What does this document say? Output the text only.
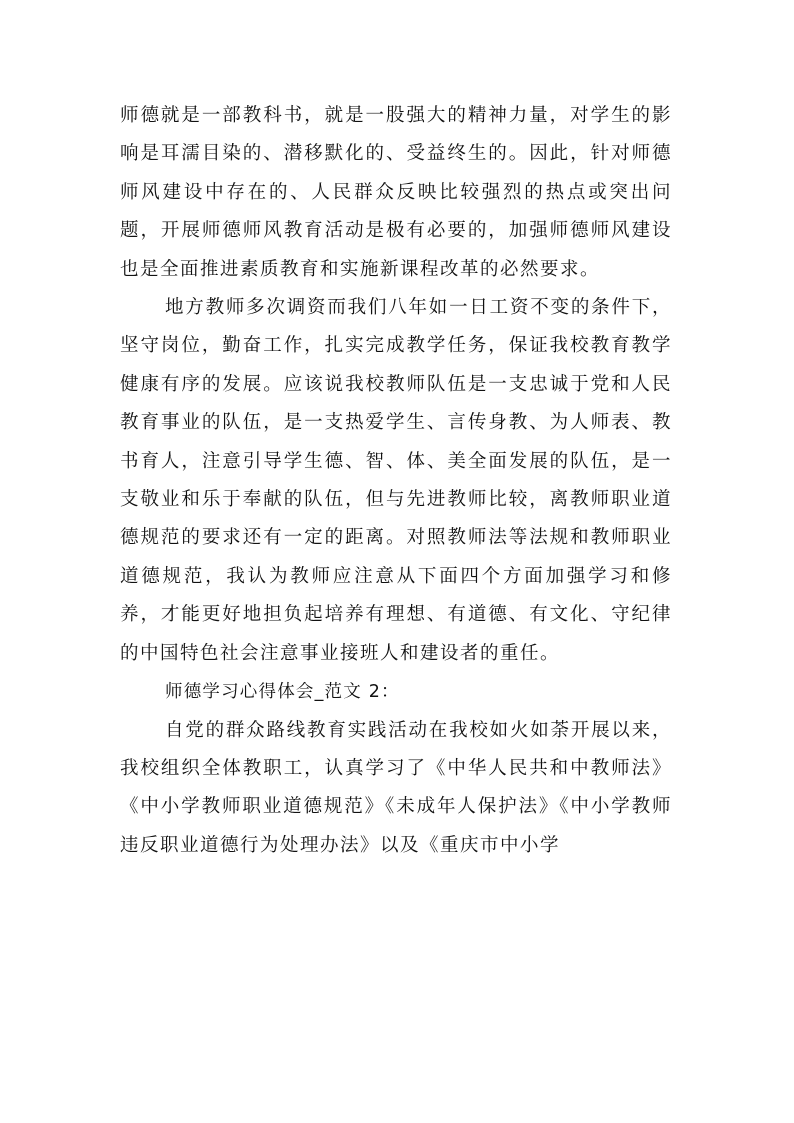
师德就是一部教科书，就是一股强大的精神力量，对学生的影响是耳濡目染的、潜移默化的、受益终生的。因此，针对师德师风建设中存在的、人民群众反映比较强烈的热点或突出问题，开展师德师风教育活动是极有必要的，加强师德师风建设也是全面推进素质教育和实施新课程改革的必然要求。

地方教师多次调资而我们八年如一日工资不变的条件下，坚守岗位，勤奋工作，扎实完成教学任务，保证我校教育教学健康有序的发展。应该说我校教师队伍是一支忠诚于党和人民教育事业的队伍，是一支热爱学生、言传身教、为人师表、教书育人，注意引导学生德、智、体、美全面发展的队伍，是一支敬业和乐于奉献的队伍，但与先进教师比较，离教师职业道德规范的要求还有一定的距离。对照教师法等法规和教师职业道德规范，我认为教师应注意从下面四个方面加强学习和修养，才能更好地担负起培养有理想、有道德、有文化、守纪律的中国特色社会注意事业接班人和建设者的重任。

师德学习心得体会_范文 2：

自党的群众路线教育实践活动在我校如火如荼开展以来，我校组织全体教职工，认真学习了《中华人民共和中教师法》《中小学教师职业道德规范》《未成年人保护法》《中小学教师违反职业道德行为处理办法》以及《重庆市中小学
